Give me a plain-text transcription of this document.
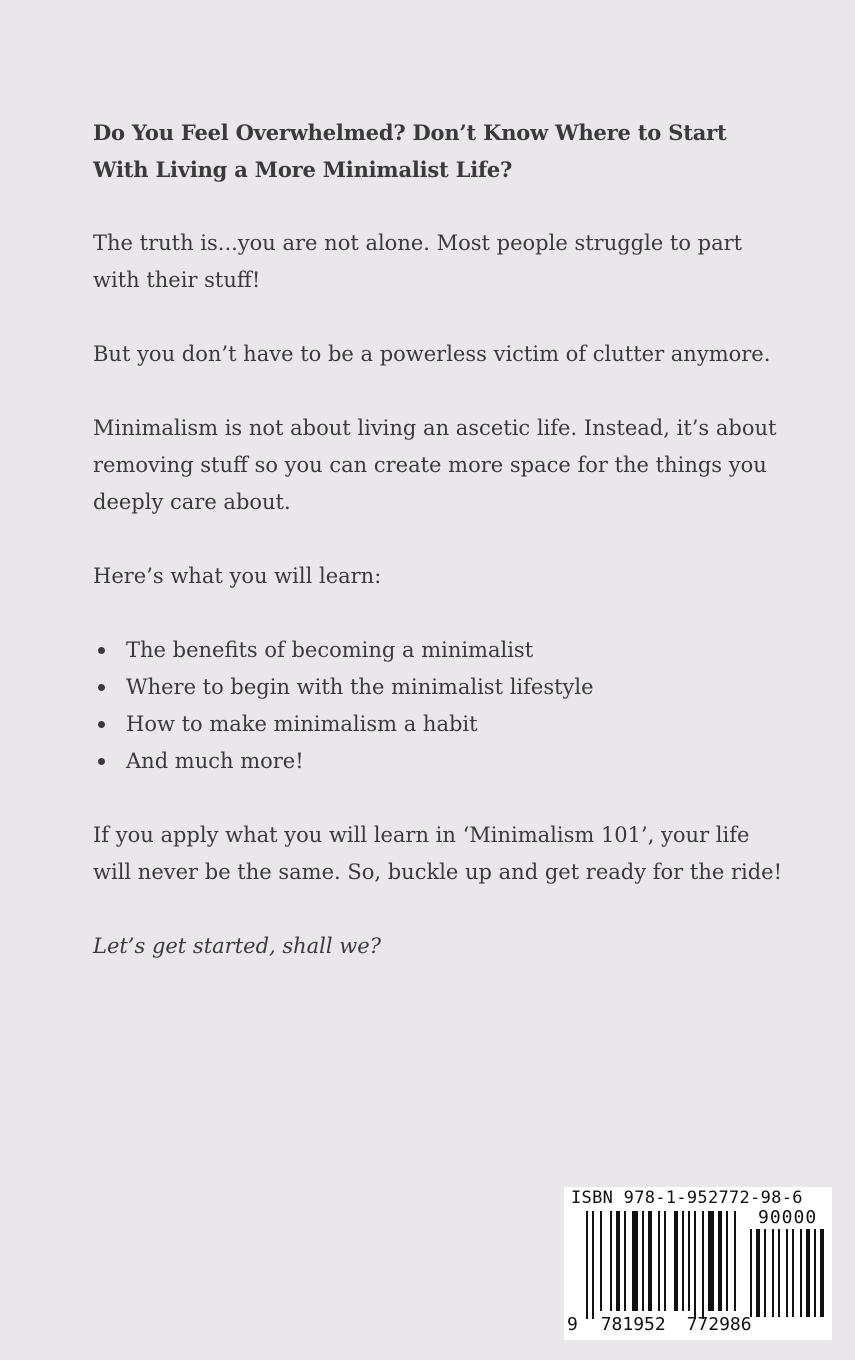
Do You Feel Overwhelmed? Don’t Know Where to Start
With Living a More Minimalist Life?

The truth is...you are not alone. Most people struggle to part with their stuff!

But you don’t have to be a powerless victim of clutter anymore.

Minimalism is not about living an ascetic life. Instead, it’s about removing stuff so you can create more space for the things you deeply care about.

Here’s what you will learn:

The benefits of becoming a minimalist
Where to begin with the minimalist lifestyle
How to make minimalism a habit
And much more!

If you apply what you will learn in ‘Minimalism 101’, your life will never be the same. So, buckle up and get ready for the ride!

Let’s get started, shall we?

ISBN 978-1-952772-98-6
90000
9 781952 772986
